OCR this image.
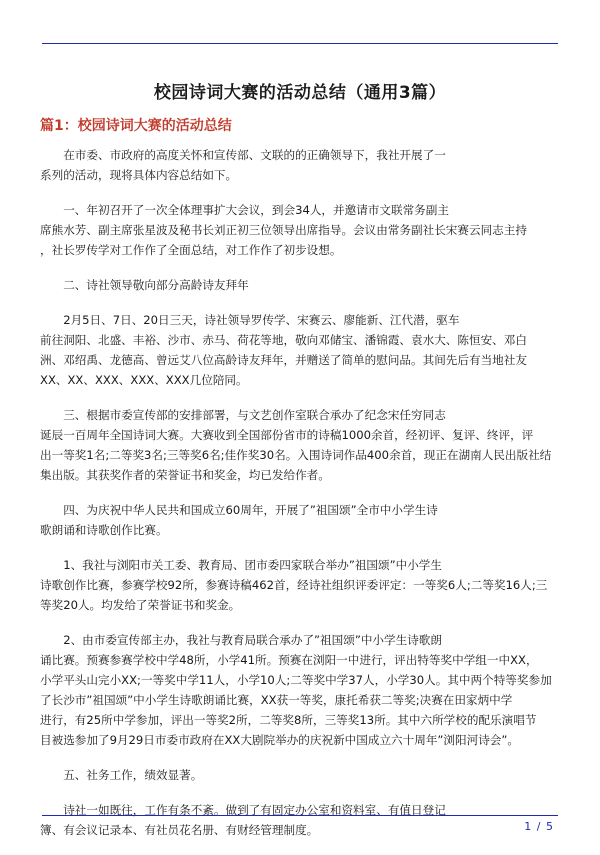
校园诗词大赛的活动总结（通用3篇）
篇1：校园诗词大赛的活动总结

　　在市委、市政府的高度关怀和宣传部、文联的的正确领导下，我社开展了一
系列的活动，现将具体内容总结如下。

　　一、年初召开了一次全体理事扩大会议，到会34人，并邀请市文联常务副主
席熊水芳、副主席张星波及秘书长刘正初三位领导出席指导。会议由常务副社长宋赛云同志主持
，社长罗传学对工作作了全面总结，对工作作了初步设想。

　　二、诗社领导敬向部分高龄诗友拜年

　　2月5日、7日、20日三天，诗社领导罗传学、宋赛云、廖能新、江代潜，驱车
前往洞阳、北盛、丰裕、沙市、赤马、荷花等地，敬向邓储宝、潘锦霞、袁水大、陈恒安、邓白
洲、邓绍禹、龙德高、曾远艾八位高龄诗友拜年，并赠送了简单的慰问品。其间先后有当地社友
XX、XX、XXX、XXX、XXX几位陪同。

　　三、根据市委宣传部的安排部署，与文艺创作室联合承办了纪念宋任穷同志
诞辰一百周年全国诗词大赛。大赛收到全国部份省市的诗稿1000余首，经初评、复评、终评，评
出一等奖1名;二等奖3名;三等奖6名;佳作奖30名。入围诗词作品400余首，现正在湖南人民出版社结
集出版。其获奖作者的荣誉证书和奖金，均已发给作者。

　　四、为庆祝中华人民共和国成立60周年，开展了”祖国颂”全市中小学生诗
歌朗诵和诗歌创作比赛。

　　1、我社与浏阳市关工委、教育局、团市委四家联合举办”祖国颂”中小学生
诗歌创作比赛，参赛学校92所，参赛诗稿462首，经诗社组织评委评定：一等奖6人;二等奖16人;三
等奖20人。均发给了荣誉证书和奖金。

　　2、由市委宣传部主办，我社与教育局联合承办了”祖国颂”中小学生诗歌朗
诵比赛。预赛参赛学校中学48所，小学41所。预赛在浏阳一中进行，评出特等奖中学组一中XX，
小学平头山完小XX;一等奖中学11人，小学10人;二等奖中学37人，小学30人。其中两个特等奖参加
了长沙市”祖国颂”中小学生诗歌朗诵比赛，XX获一等奖，康托希获二等奖;决赛在田家炳中学
进行，有25所中学参加，评出一等奖2所，二等奖8所，三等奖13所。其中六所学校的配乐演唱节
目被选参加了9月29日市委市政府在XX大剧院举办的庆祝新中国成立六十周年”浏阳河诗会”。

　　五、社务工作，绩效显著。

　　诗社一如既往，工作有条不紊。做到了有固定办公室和资料室、有值日登记
簿、有会议记录本、有社员花名册、有财经管理制度。	1 / 5
